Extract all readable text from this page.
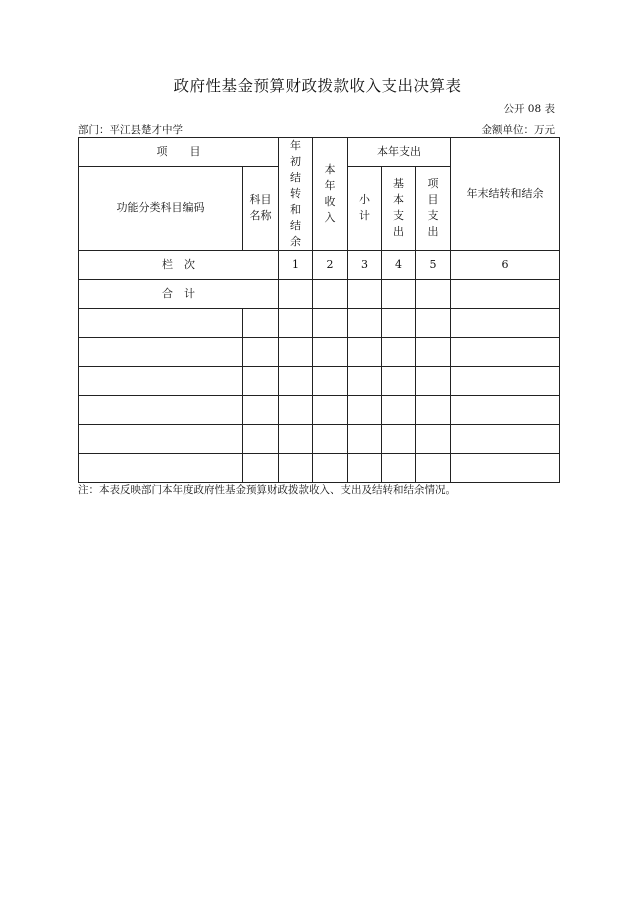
政府性基金预算财政拨款收入支出决算表
公开 08 表
部门：平江县楚才中学	金额单位：万元
项　　目		年初结转和结余	本年收入	本年支出			年末结转和结余
功能分类科目编码	科目名称			小计	基本支出	项目支出	
栏　次		1	2	3	4	5	6
合　计							

注：本表反映部门本年度政府性基金预算财政拨款收入、支出及结转和结余情况。
